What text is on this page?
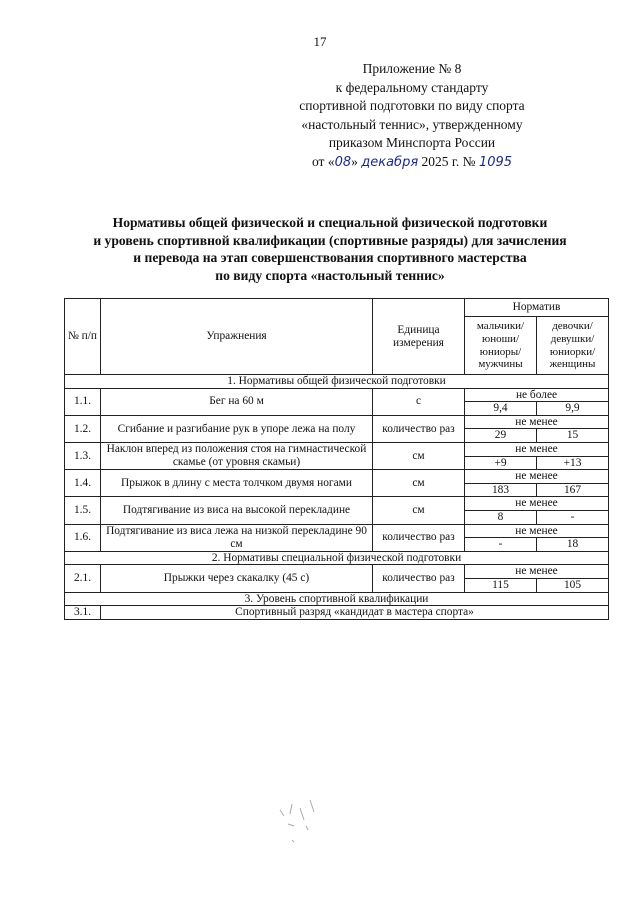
17
Приложение № 8
к федеральному стандарту
спортивной подготовки по виду спорта
«настольный теннис», утвержденному
приказом Минспорта России
от «08» декабря 2025 г. № 1095
Нормативы общей физической и специальной физической подготовки
и уровень спортивной квалификации (спортивные разряды) для зачисления
и перевода на этап совершенствования спортивного мастерства
по виду спорта «настольный теннис»
№ п/п	Упражнения	Единица измерения	Норматив	
			мальчики/ юноши/ юниоры/ мужчины	девочки/ девушки/ юниорки/ женщины
1. Нормативы общей физической подготовки				
1.1.	Бег на 60 м	с	не более	
			9,4	9,9
1.2.	Сгибание и разгибание рук в упоре лежа на полу	количество раз	не менее	
			29	15
1.3.	Наклон вперед из положения стоя на гимнастической скамье (от уровня скамьи)	см	не менее	
			+9	+13
1.4.	Прыжок в длину с места толчком двумя ногами	см	не менее	
			183	167
1.5.	Подтягивание из виса на высокой перекладине	см	не менее	
			8	-
1.6.	Подтягивание из виса лежа на низкой перекладине 90 см	количество раз	не менее	
			-	18
2. Нормативы специальной физической подготовки				
2.1.	Прыжки через скакалку (45 с)	количество раз	не менее	
			115	105
3. Уровень спортивной квалификации				
3.1.	Спортивный разряд «кандидат в мастера спорта»			
